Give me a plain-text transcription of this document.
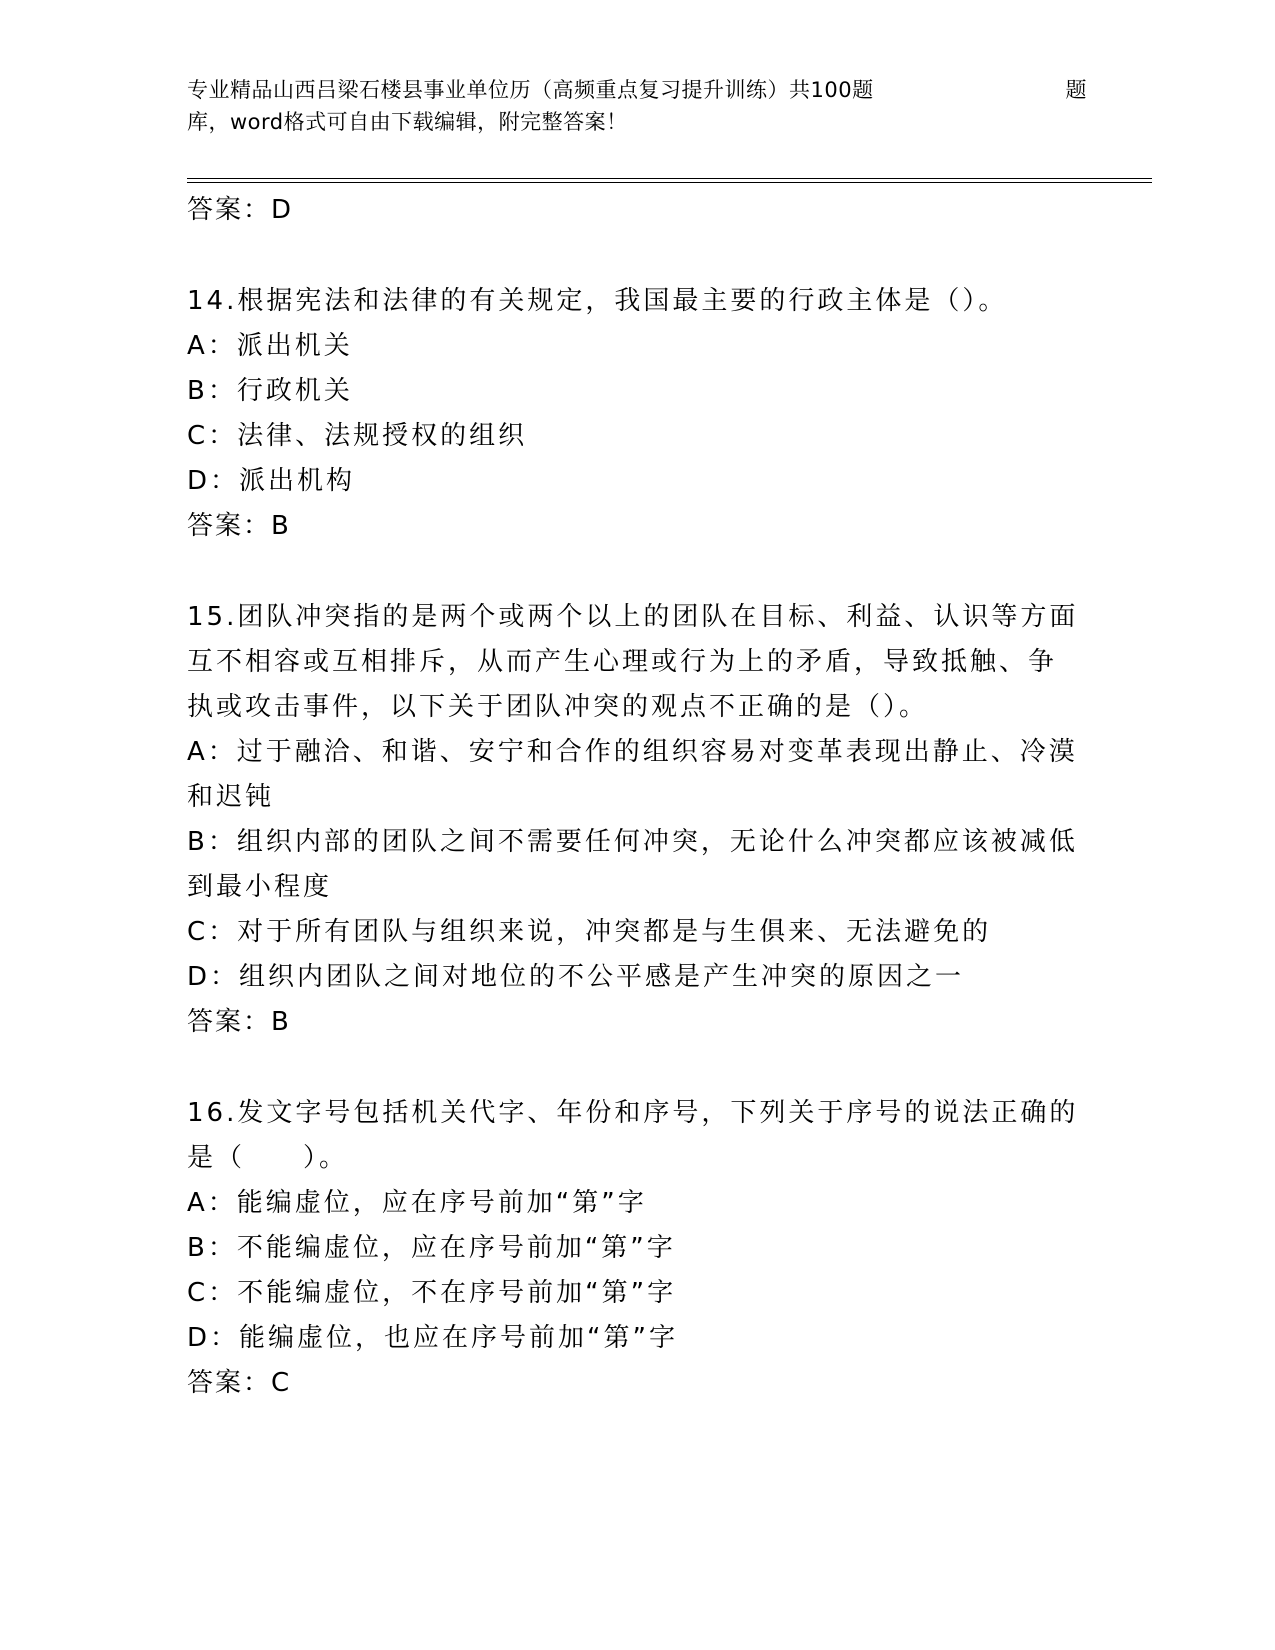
专业精品山西吕梁石楼县事业单位历（高频重点复习提升训练）共100题	题
库，word格式可自由下载编辑，附完整答案！
答案：D
14.根据宪法和法律的有关规定，我国最主要的行政主体是（）。
A：派出机关
B：行政机关
C：法律、法规授权的组织
D：派出机构
答案：B
15.团队冲突指的是两个或两个以上的团队在目标、利益、认识等方面
互不相容或互相排斥，从而产生心理或行为上的矛盾，导致抵触、争
执或攻击事件，以下关于团队冲突的观点不正确的是（）。
A：过于融洽、和谐、安宁和合作的组织容易对变革表现出静止、冷漠
和迟钝
B：组织内部的团队之间不需要任何冲突，无论什么冲突都应该被减低
到最小程度
C：对于所有团队与组织来说，冲突都是与生俱来、无法避免的
D：组织内团队之间对地位的不公平感是产生冲突的原因之一
答案：B
16.发文字号包括机关代字、年份和序号，下列关于序号的说法正确的
是（　　）。
A：能编虚位，应在序号前加“第”字
B：不能编虚位，应在序号前加“第”字
C：不能编虚位，不在序号前加“第”字
D：能编虚位，也应在序号前加“第”字
答案：C
